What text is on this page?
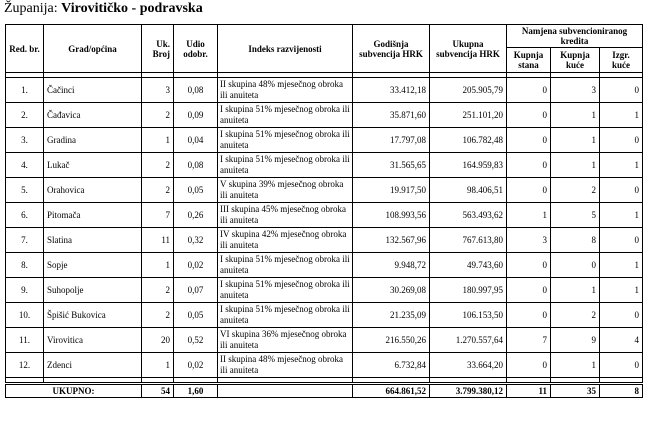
Županija: Virovitičko - podravska
Red. br.	Grad/općina	Uk. Broj	Udio odobr.	Indeks razvijenosti	Godišnja subvencija HRK	Ukupna subvencija HRK	Namjena subvencioniranog kredita		
							Kupnja stana	Kupnja kuće	Izgr. kuće

1.	Čačinci	3	0,08	II skupina 48% mjesečnog obroka ili anuiteta	33.412,18	205.905,79	0	3	0
2.	Čađavica	2	0,09	I skupina 51% mjesečnog obroka ili anuiteta	35.871,60	251.101,20	0	1	1
3.	Gradina	1	0,04	I skupina 51% mjesečnog obroka ili anuiteta	17.797,08	106.782,48	0	1	0
4.	Lukač	2	0,08	I skupina 51% mjesečnog obroka ili anuiteta	31.565,65	164.959,83	0	1	1
5.	Orahovica	2	0,05	V skupina 39% mjesečnog obroka ili anuiteta	19.917,50	98.406,51	0	2	0
6.	Pitomača	7	0,26	III skupina 45% mjesečnog obroka ili anuiteta	108.993,56	563.493,62	1	5	1
7.	Slatina	11	0,32	IV skupina 42% mjesečnog obroka ili anuiteta	132.567,96	767.613,80	3	8	0
8.	Sopje	1	0,02	I skupina 51% mjesečnog obroka ili anuiteta	9.948,72	49.743,60	0	0	1
9.	Suhopolje	2	0,07	I skupina 51% mjesečnog obroka ili anuiteta	30.269,08	180.997,95	0	1	1
10.	Špišić Bukovica	2	0,05	I skupina 51% mjesečnog obroka ili anuiteta	21.235,09	106.153,50	0	2	0
11.	Virovitica	20	0,52	VI skupina 36% mjesečnog obroka ili anuiteta	216.550,26	1.270.557,64	7	9	4
12.	Zdenci	1	0,02	II skupina 48% mjesečnog obroka ili anuiteta	6.732,84	33.664,20	0	1	0

UKUPNO:		54	1,60		664.861,52	3.799.380,12	11	35	8
